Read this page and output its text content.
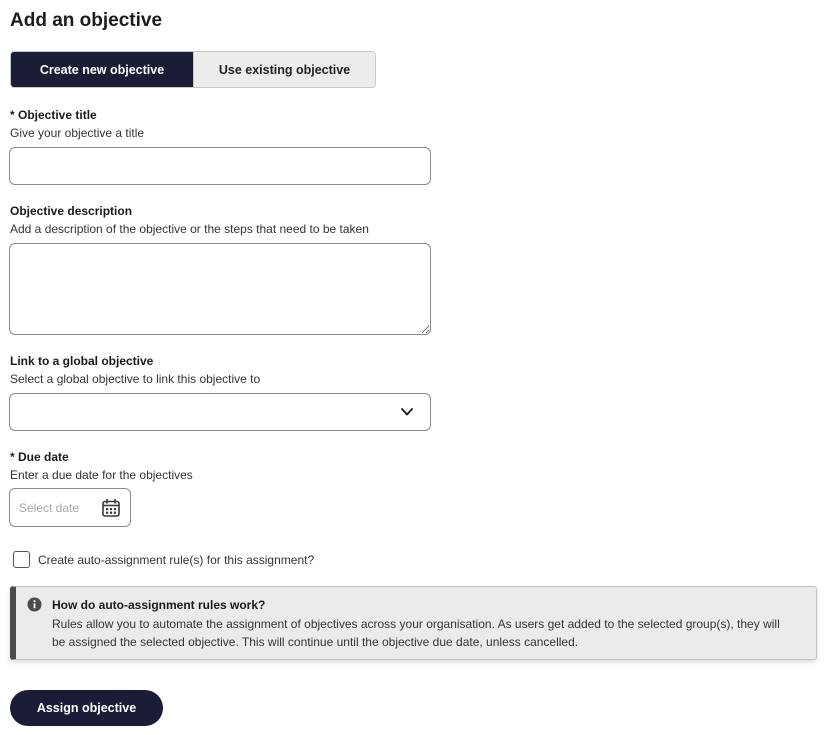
Add an objective
Create new objective	Use existing objective
* Objective title
Give your objective a title
Objective description
Add a description of the objective or the steps that need to be taken
Link to a global objective
Select a global objective to link this objective to
* Due date
Enter a due date for the objectives
Select date
Create auto-assignment rule(s) for this assignment?
How do auto-assignment rules work?
Rules allow you to automate the assignment of objectives across your organisation. As users get added to the selected group(s), they will be assigned the selected objective. This will continue until the objective due date, unless cancelled.
Assign objective
